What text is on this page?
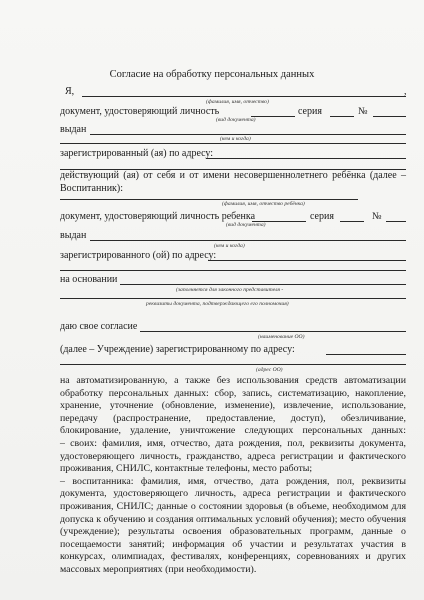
Согласие на обработку персональных данных
Я,	,
(фамилия, имя, отчество)
документ, удостоверяющий личность	серия	№
(вид документа)
выдан
(кем и когда)
зарегистрированный (ая) по адресу:

действующий (ая) от себя и от имени несовершеннолетнего ребёнка (далее –

Воспитанник):

(фамилия, имя, отчество ребёнка)
документ, удостоверяющий личность ребенка	серия	№
(вид документа)
выдан
(кем и когда)
зарегистрированного (ой) по адресу:
на основании
(заполняется для законного представителя -
реквизиты документа, подтверждающего его полномочия)
даю свое согласие
(наименование ОО)
(далее – Учреждение) зарегистрированному по адресу:
(адрес ОО)

на автоматизированную, а также без использования средств автоматизации

обработку персональных данных: сбор, запись, систематизацию, накопление,

хранение, уточнение (обновление, изменение), извлечение, использование,

передачу (распространение, предоставление, доступ), обезличивание,

блокирование, удаление, уничтожение следующих персональных данных:

– своих: фамилия, имя, отчество, дата рождения, пол, реквизиты документа,

удостоверяющего личность, гражданство, адреса регистрации и фактического

проживания, СНИЛС, контактные телефоны, место работы;

– воспитанника: фамилия, имя, отчество, дата рождения, пол, реквизиты

документа, удостоверяющего личность, адреса регистрации и фактического

проживания, СНИЛС; данные о состоянии здоровья (в объеме, необходимом для

допуска к обучению и создания оптимальных условий обучения); место обучения

(учреждение); результаты освоения образовательных программ, данные о

посещаемости занятий; информация об участии и результатах участия в

конкурсах, олимпиадах, фестивалях, конференциях, соревнованиях и других

массовых мероприятиях (при необходимости).
